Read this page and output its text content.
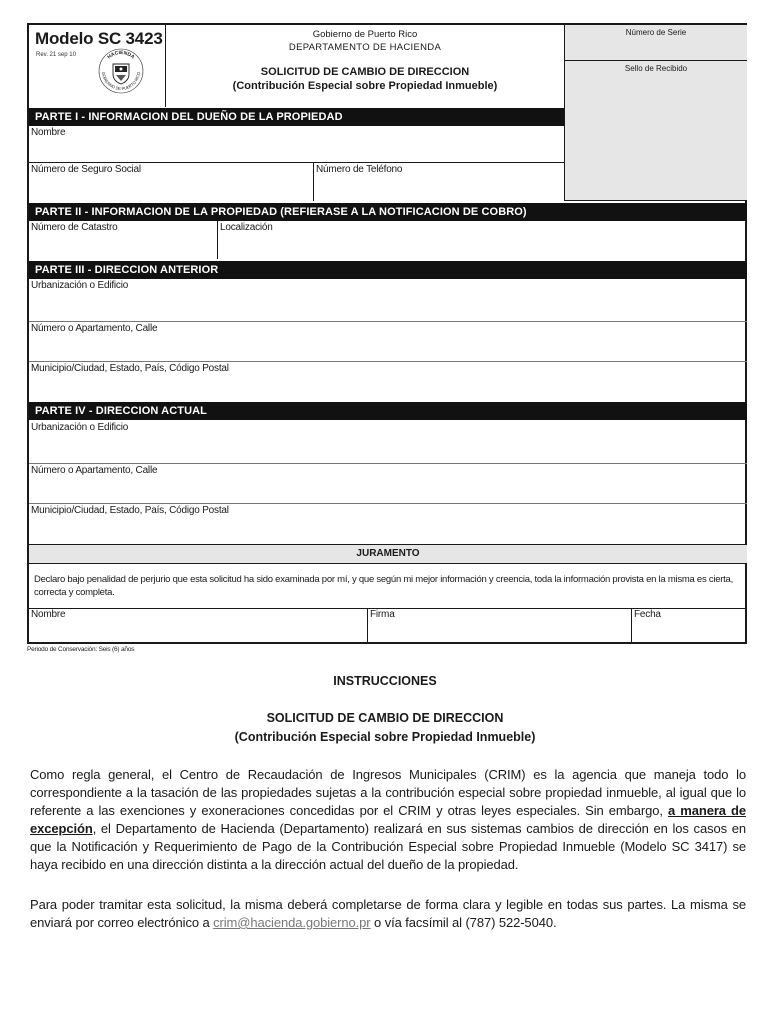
Modelo SC 3423
Rev. 21 sep 10	HACIENDA
GOBIERNO DE PUERTO RICO
Gobierno de Puerto Rico
DEPARTAMENTO DE HACIENDA
SOLICITUD DE CAMBIO DE DIRECCION
(Contribución Especial sobre Propiedad Inmueble)
Número de Serie
Sello de Recibido
PARTE I - INFORMACION DEL DUEÑO DE LA PROPIEDAD
Nombre
Número de Seguro Social	Número de Teléfono
PARTE II - INFORMACION DE LA PROPIEDAD (REFIERASE A LA NOTIFICACION DE COBRO)
Número de Catastro	Localización
PARTE III - DIRECCION ANTERIOR
Urbanización o Edificio
Número o Apartamento, Calle
Municipio/Ciudad, Estado, País, Código Postal
PARTE IV - DIRECCION ACTUAL
Urbanización o Edificio
Número o Apartamento, Calle
Municipio/Ciudad, Estado, País, Código Postal
JURAMENTO
Declaro bajo penalidad de perjurio que esta solicitud ha sido examinada por mí, y que según mi mejor información y creencia, toda la información provista en la misma es cierta, correcta y completa.
Nombre	Firma	Fecha
Periodo de Conservación: Seis (6) años
INSTRUCCIONES
SOLICITUD DE CAMBIO DE DIRECCION
(Contribución Especial sobre Propiedad Inmueble)
Como regla general, el Centro de Recaudación de Ingresos Municipales (CRIM) es la agencia que maneja todo lo correspondiente a la tasación de las propiedades sujetas a la contribución especial sobre propiedad inmueble, al igual que lo referente a las exenciones y exoneraciones concedidas por el CRIM y otras leyes especiales. Sin embargo, a manera de excepción, el Departamento de Hacienda (Departamento) realizará en sus sistemas cambios de dirección en los casos en que la Notificación y Requerimiento de Pago de la Contribución Especial sobre Propiedad Inmueble (Modelo SC 3417) se haya recibido en una dirección distinta a la dirección actual del dueño de la propiedad.
Para poder tramitar esta solicitud, la misma deberá completarse de forma clara y legible en todas sus partes. La misma se enviará por correo electrónico a crim@hacienda.gobierno.pr o vía facsímil al (787) 522-5040.
